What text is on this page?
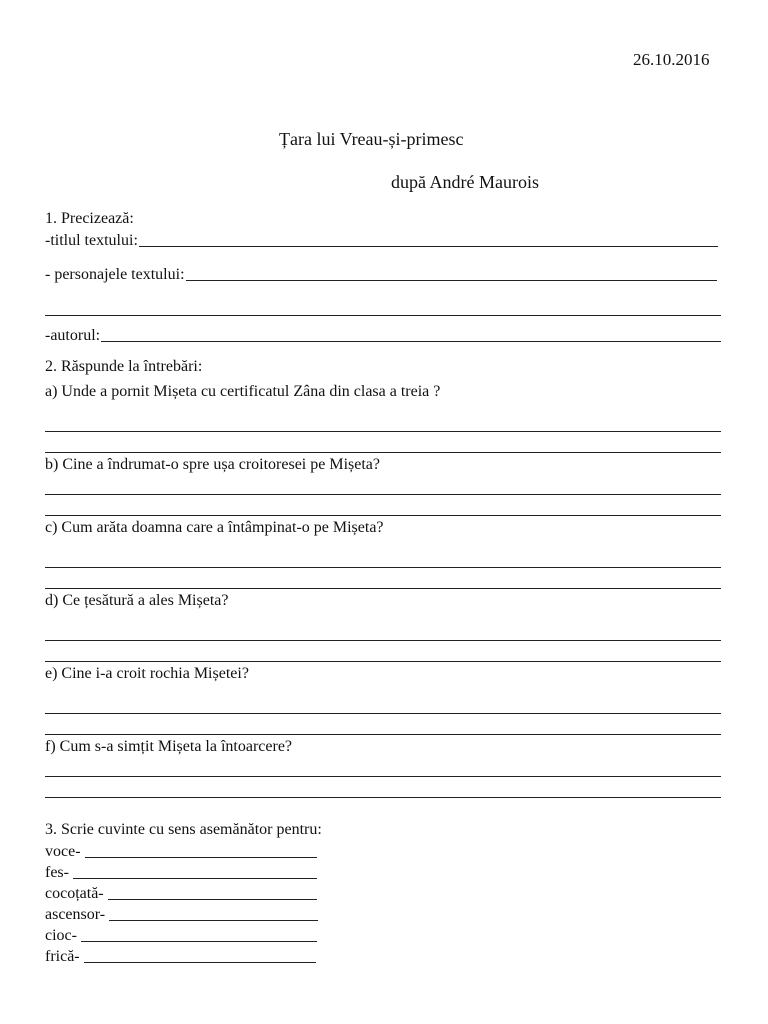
26.10.2016
Țara lui Vreau-și-primesc
după André Maurois
1. Precizează:
-titlul textului:
- personajele textului:
-autorul:
2. Răspunde la întrebări:
a) Unde a pornit Mișeta cu certificatul Zâna din clasa a treia ?
b) Cine a îndrumat-o spre ușa croitoresei pe Mișeta?
c) Cum arăta doamna care a întâmpinat-o pe Mișeta?
d) Ce țesătură a ales Mișeta?
e) Cine i-a croit rochia Mișetei?
f) Cum s-a simțit Mișeta la întoarcere?
3. Scrie cuvinte cu sens asemănător pentru:
voce-
fes-
cocoțată-
ascensor-
cioc-
frică-
